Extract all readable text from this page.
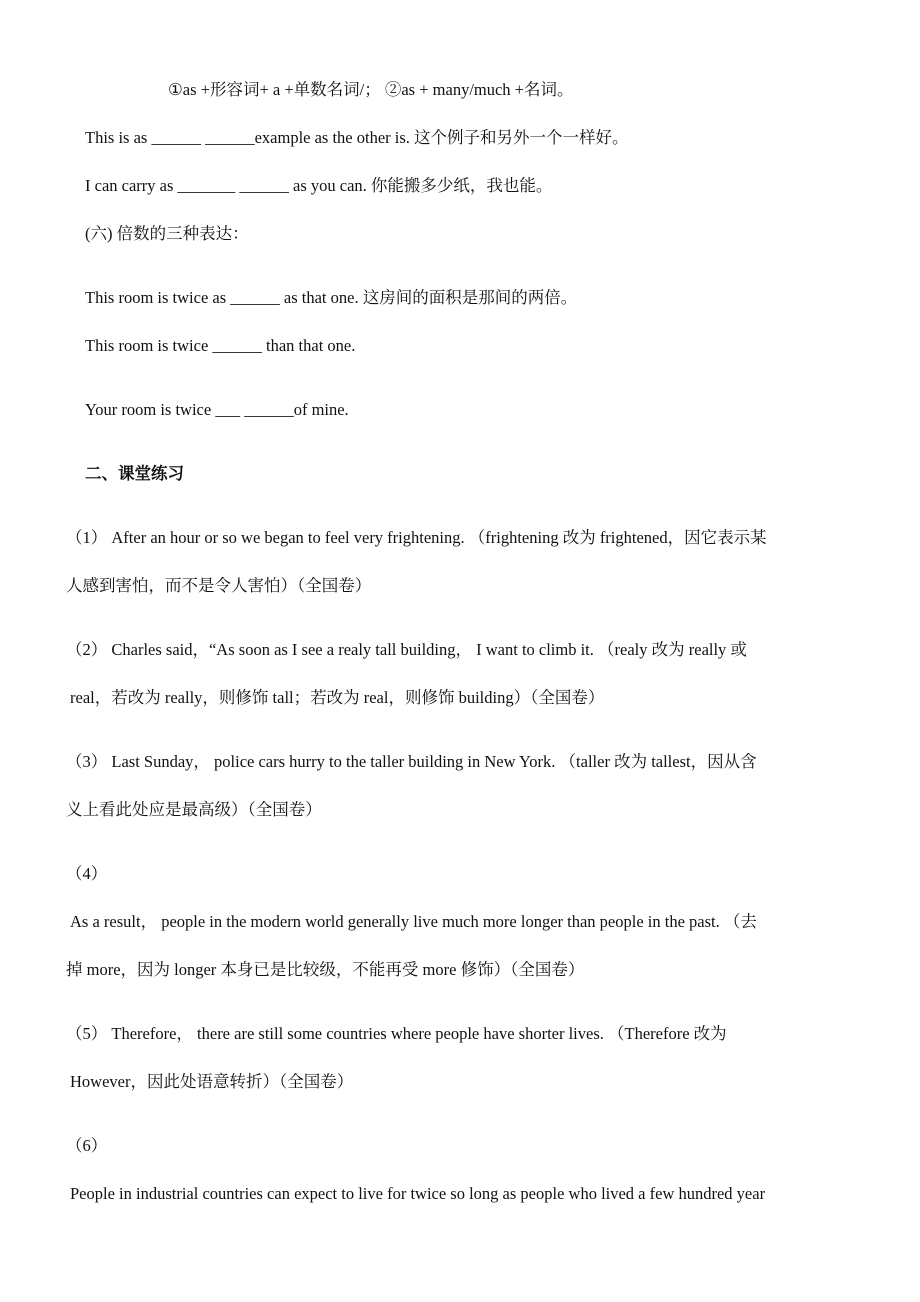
①as +形容词+ a +单数名词/； ②as + many/much +名词。
This is as ______ ______example as the other is. 这个例子和另外一个一样好。
I can carry as _______ ______ as you can. 你能搬多少纸，我也能。
(六) 倍数的三种表达：
This room is twice as ______ as that one. 这房间的面积是那间的两倍。
This room is twice ______ than that one.
Your room is twice ___ ______of mine.
二、课堂练习
（1） After an hour or so we began to feel very frightening. （frightening 改为 frightened，因它表示某
人感到害怕，而不是令人害怕）（全国卷）
（2） Charles said，“As soon as I see a realy tall building， I want to climb it. （realy 改为 really 或
real，若改为 really，则修饰 tall；若改为 real，则修饰 building）（全国卷）
（3） Last Sunday， police cars hurry to the taller building in New York. （taller 改为 tallest，因从含
义上看此处应是最高级）（全国卷）
（4）
As a result， people in the modern world generally live much more longer than people in the past. （去
掉 more，因为 longer 本身已是比较级，不能再受 more 修饰）（全国卷）
（5） Therefore， there are still some countries where people have shorter lives. （Therefore 改为
However，因此处语意转折）（全国卷）
（6）
People in industrial countries can expect to live for twice so long as people who lived a few hundred year
